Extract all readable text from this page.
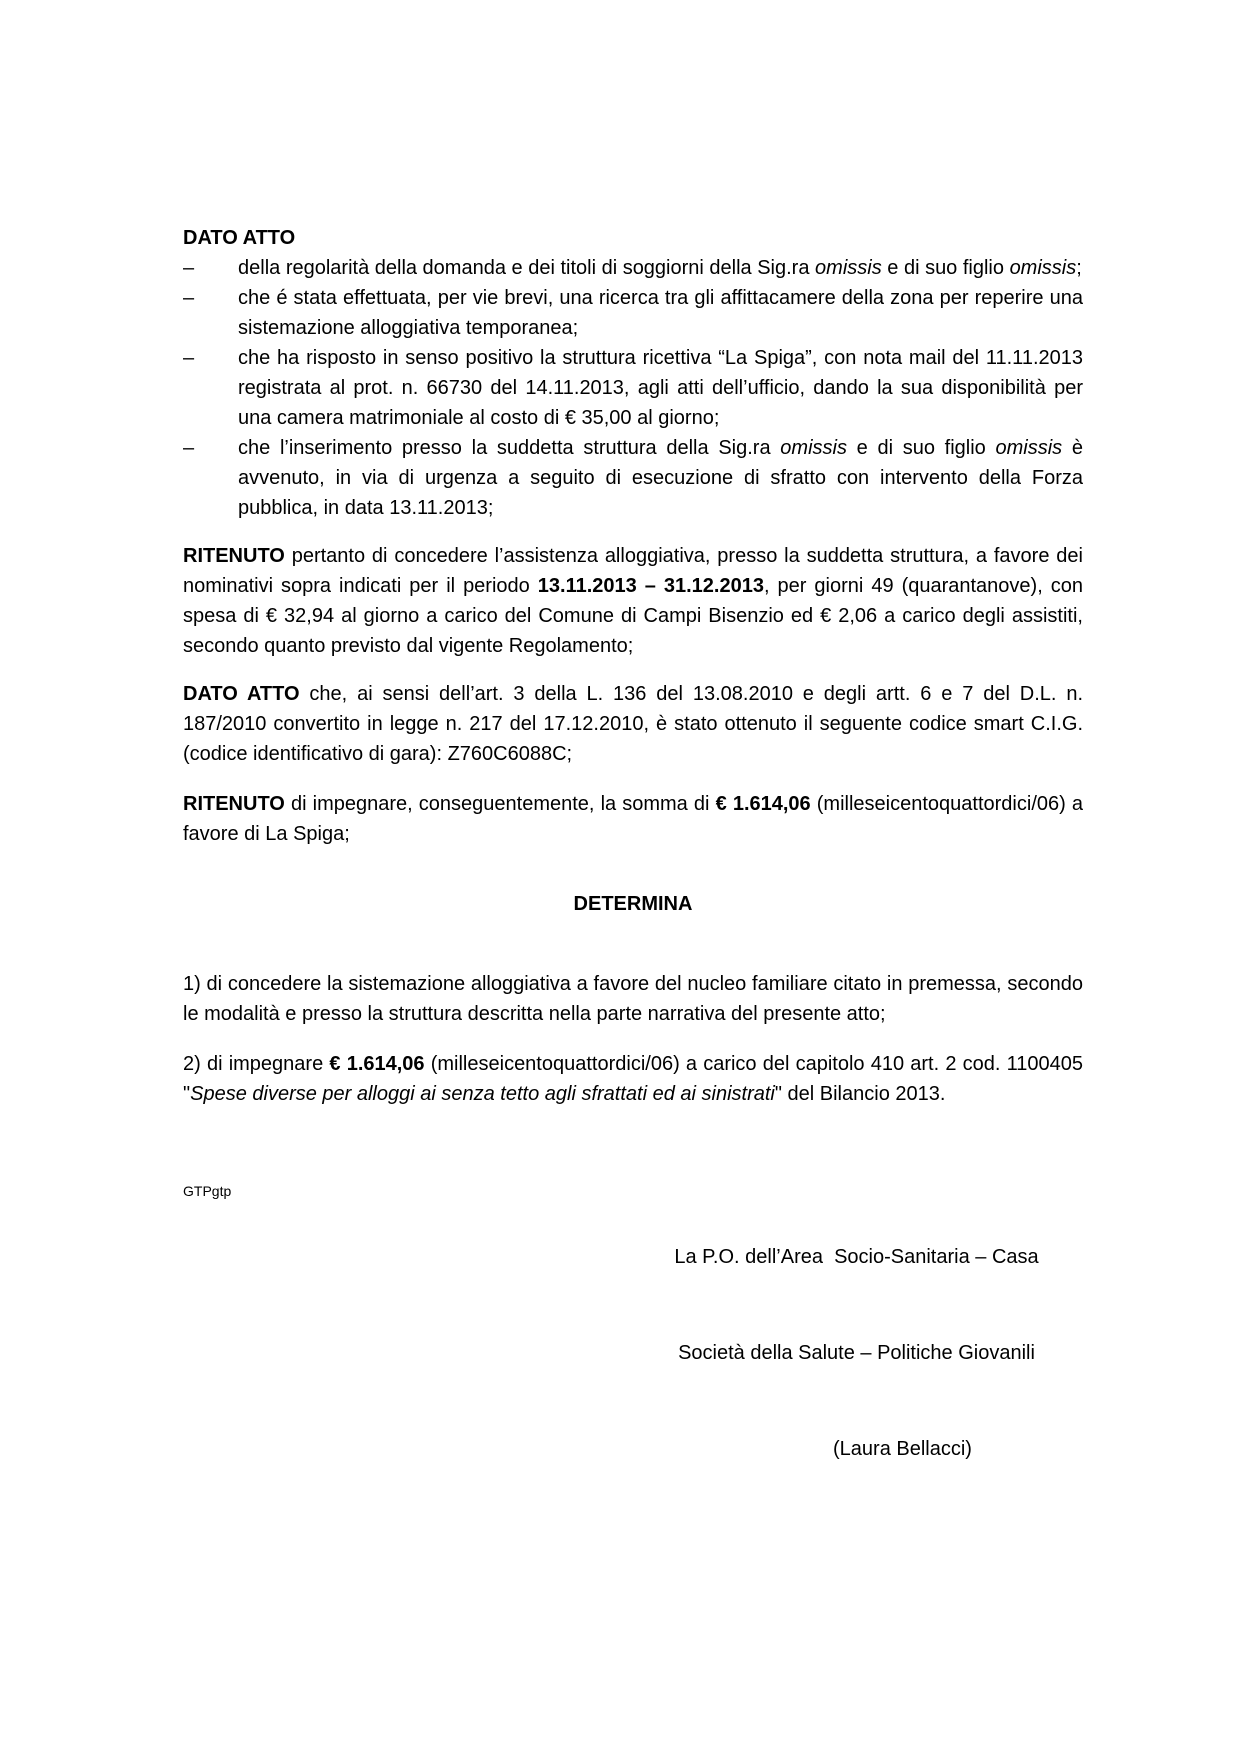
DATO ATTO
– della regolarità della domanda e dei titoli di soggiorni della Sig.ra omissis e di suo figlio omissis;
– che é stata effettuata, per vie brevi, una ricerca tra gli affittacamere della zona per reperire una sistemazione alloggiativa temporanea;
– che ha risposto in senso positivo la struttura ricettiva “La Spiga”, con nota mail del 11.11.2013 registrata al prot. n. 66730 del 14.11.2013, agli atti dell’ufficio, dando la sua disponibilità per una camera matrimoniale al costo di € 35,00 al giorno;
– che l’inserimento presso la suddetta struttura della Sig.ra omissis e di suo figlio omissis è avvenuto, in via di urgenza a seguito di esecuzione di sfratto con intervento della Forza pubblica, in data 13.11.2013;

RITENUTO pertanto di concedere l’assistenza alloggiativa, presso la suddetta struttura, a favore dei nominativi sopra indicati per il periodo 13.11.2013 – 31.12.2013, per giorni 49 (quarantanove), con spesa di € 32,94 al giorno a carico del Comune di Campi Bisenzio ed € 2,06 a carico degli assistiti, secondo quanto previsto dal vigente Regolamento;

DATO ATTO che, ai sensi dell’art. 3 della L. 136 del 13.08.2010 e degli artt. 6 e 7 del D.L. n. 187/2010 convertito in legge n. 217 del 17.12.2010, è stato ottenuto il seguente codice smart C.I.G. (codice identificativo di gara): Z760C6088C;

RITENUTO di impegnare, conseguentemente, la somma di € 1.614,06 (milleseicentoquattordici/06) a favore di La Spiga;

DETERMINA

1) di concedere la sistemazione alloggiativa a favore del nucleo familiare citato in premessa, secondo le modalità e presso la struttura descritta nella parte narrativa del presente atto;

2) di impegnare € 1.614,06 (milleseicentoquattordici/06) a carico del capitolo 410 art. 2 cod. 1100405 "Spese diverse per alloggi ai senza tetto agli sfrattati ed ai sinistrati" del Bilancio 2013.

GTPgtp

La P.O. dell’Area  Socio-Sanitaria – Casa

Società della Salute – Politiche Giovanili

(Laura Bellacci)
